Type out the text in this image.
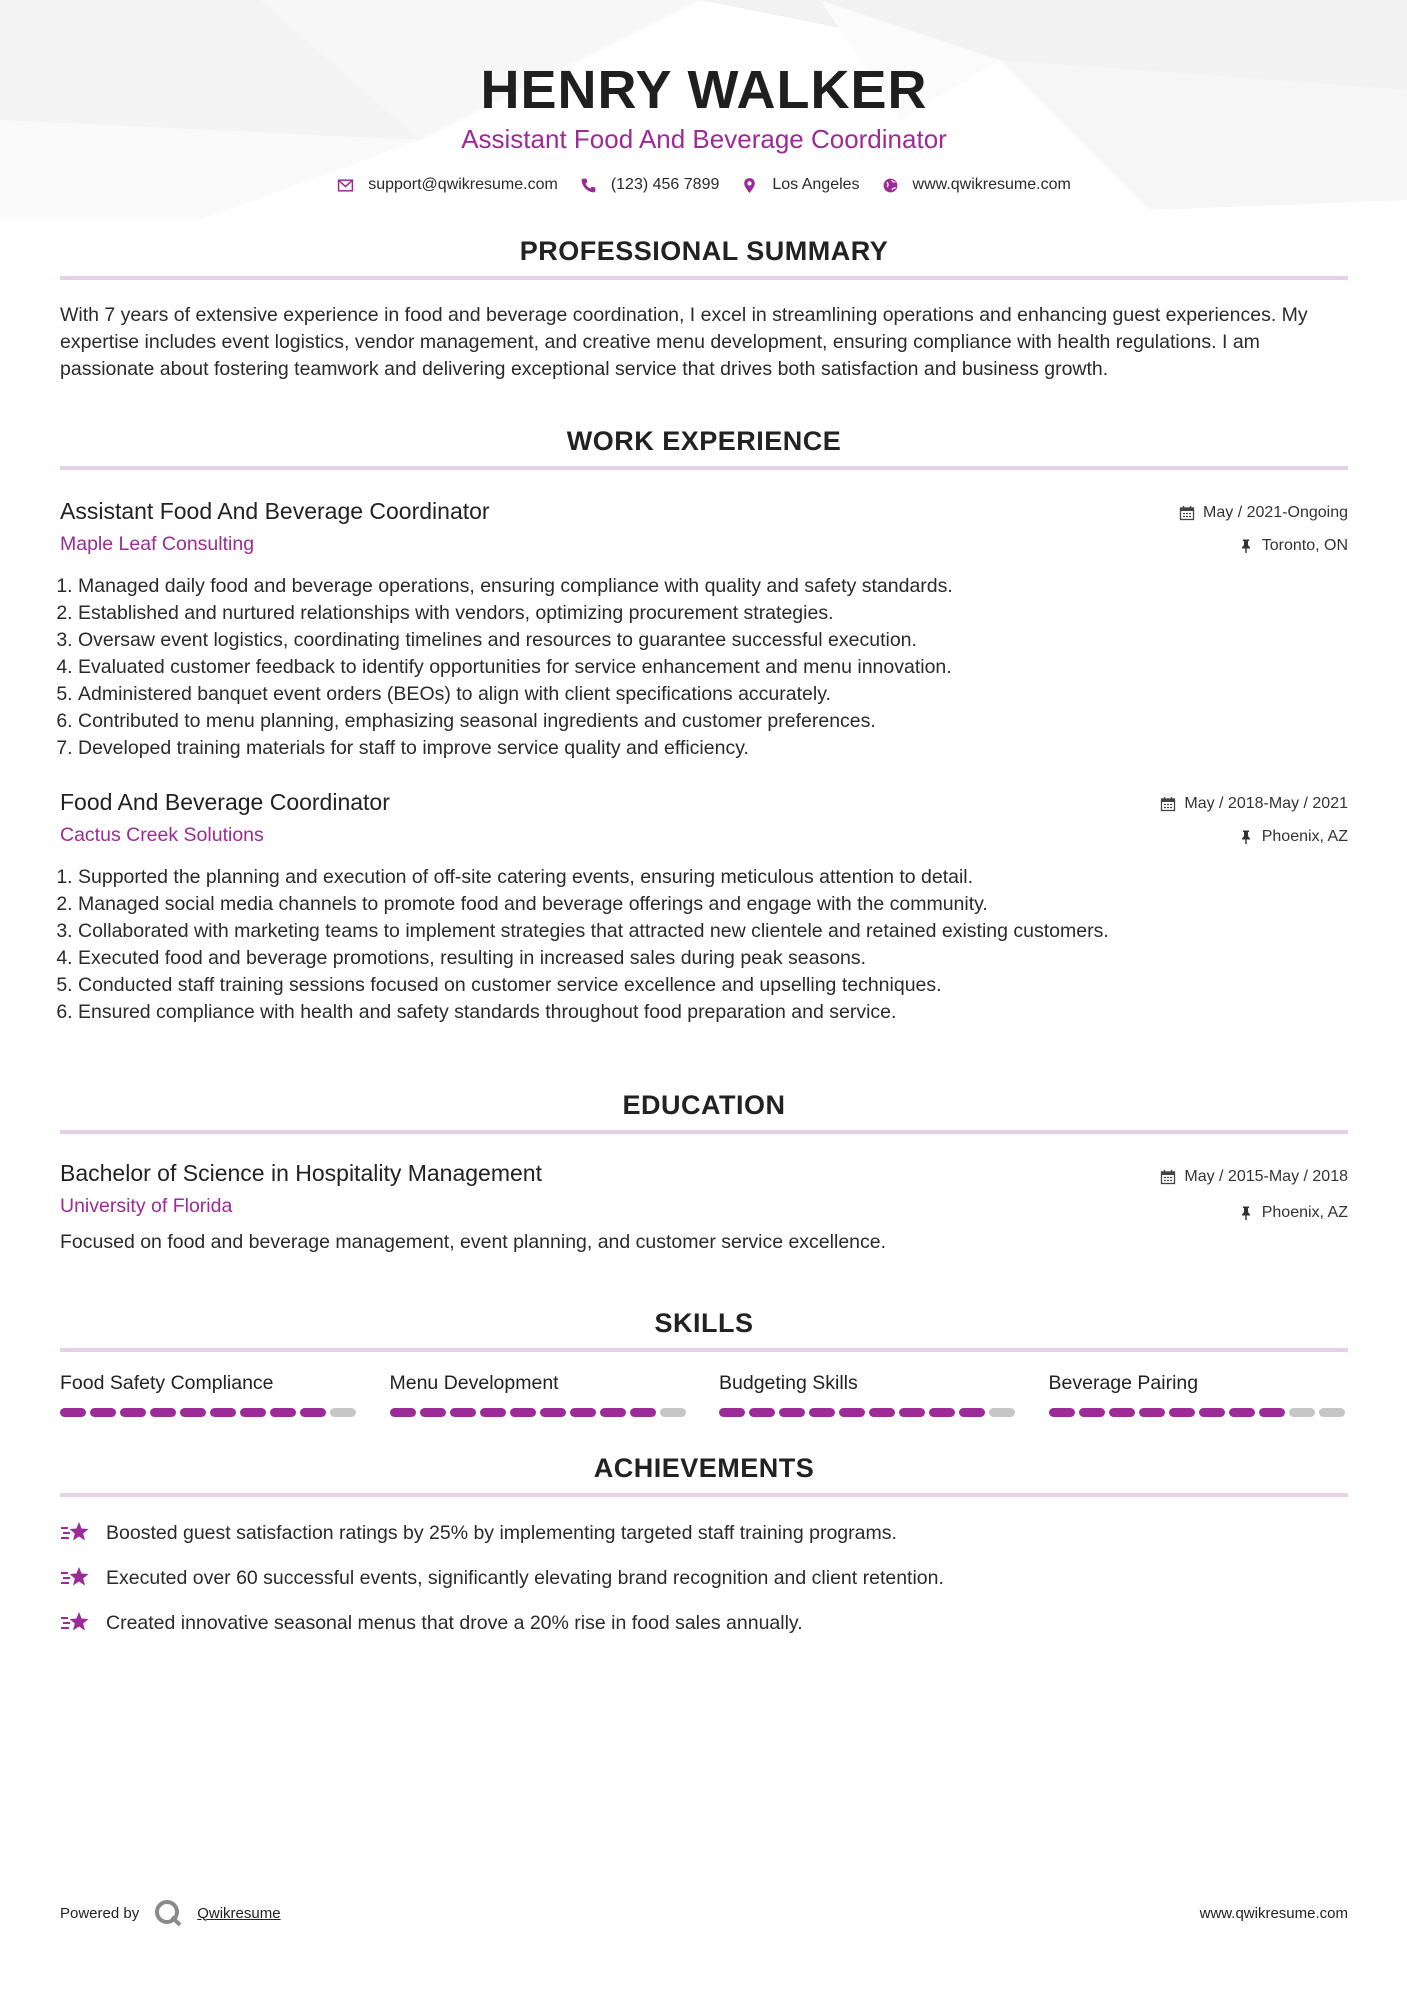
HENRY WALKER
Assistant Food And Beverage Coordinator
support@qwikresume.com	(123) 456 7899	Los Angeles	www.qwikresume.com
PROFESSIONAL SUMMARY
With 7 years of extensive experience in food and beverage coordination, I excel in streamlining operations and enhancing guest experiences. My expertise includes event logistics, vendor management, and creative menu development, ensuring compliance with health regulations. I am passionate about fostering teamwork and delivering exceptional service that drives both satisfaction and business growth.
WORK EXPERIENCE
Assistant Food And Beverage Coordinator
Maple Leaf Consulting
May / 2021-Ongoing
Toronto, ON
1. Managed daily food and beverage operations, ensuring compliance with quality and safety standards.
2. Established and nurtured relationships with vendors, optimizing procurement strategies.
3. Oversaw event logistics, coordinating timelines and resources to guarantee successful execution.
4. Evaluated customer feedback to identify opportunities for service enhancement and menu innovation.
5. Administered banquet event orders (BEOs) to align with client specifications accurately.
6. Contributed to menu planning, emphasizing seasonal ingredients and customer preferences.
7. Developed training materials for staff to improve service quality and efficiency.
Food And Beverage Coordinator
Cactus Creek Solutions
May / 2018-May / 2021
Phoenix, AZ
1. Supported the planning and execution of off-site catering events, ensuring meticulous attention to detail.
2. Managed social media channels to promote food and beverage offerings and engage with the community.
3. Collaborated with marketing teams to implement strategies that attracted new clientele and retained existing customers.
4. Executed food and beverage promotions, resulting in increased sales during peak seasons.
5. Conducted staff training sessions focused on customer service excellence and upselling techniques.
6. Ensured compliance with health and safety standards throughout food preparation and service.
EDUCATION
Bachelor of Science in Hospitality Management
University of Florida
May / 2015-May / 2018
Phoenix, AZ
Focused on food and beverage management, event planning, and customer service excellence.
SKILLS
Food Safety Compliance	Menu Development	Budgeting Skills	Beverage Pairing
ACHIEVEMENTS
Boosted guest satisfaction ratings by 25% by implementing targeted staff training programs.
Executed over 60 successful events, significantly elevating brand recognition and client retention.
Created innovative seasonal menus that drove a 20% rise in food sales annually.
Powered by	Qwikresume	www.qwikresume.com
